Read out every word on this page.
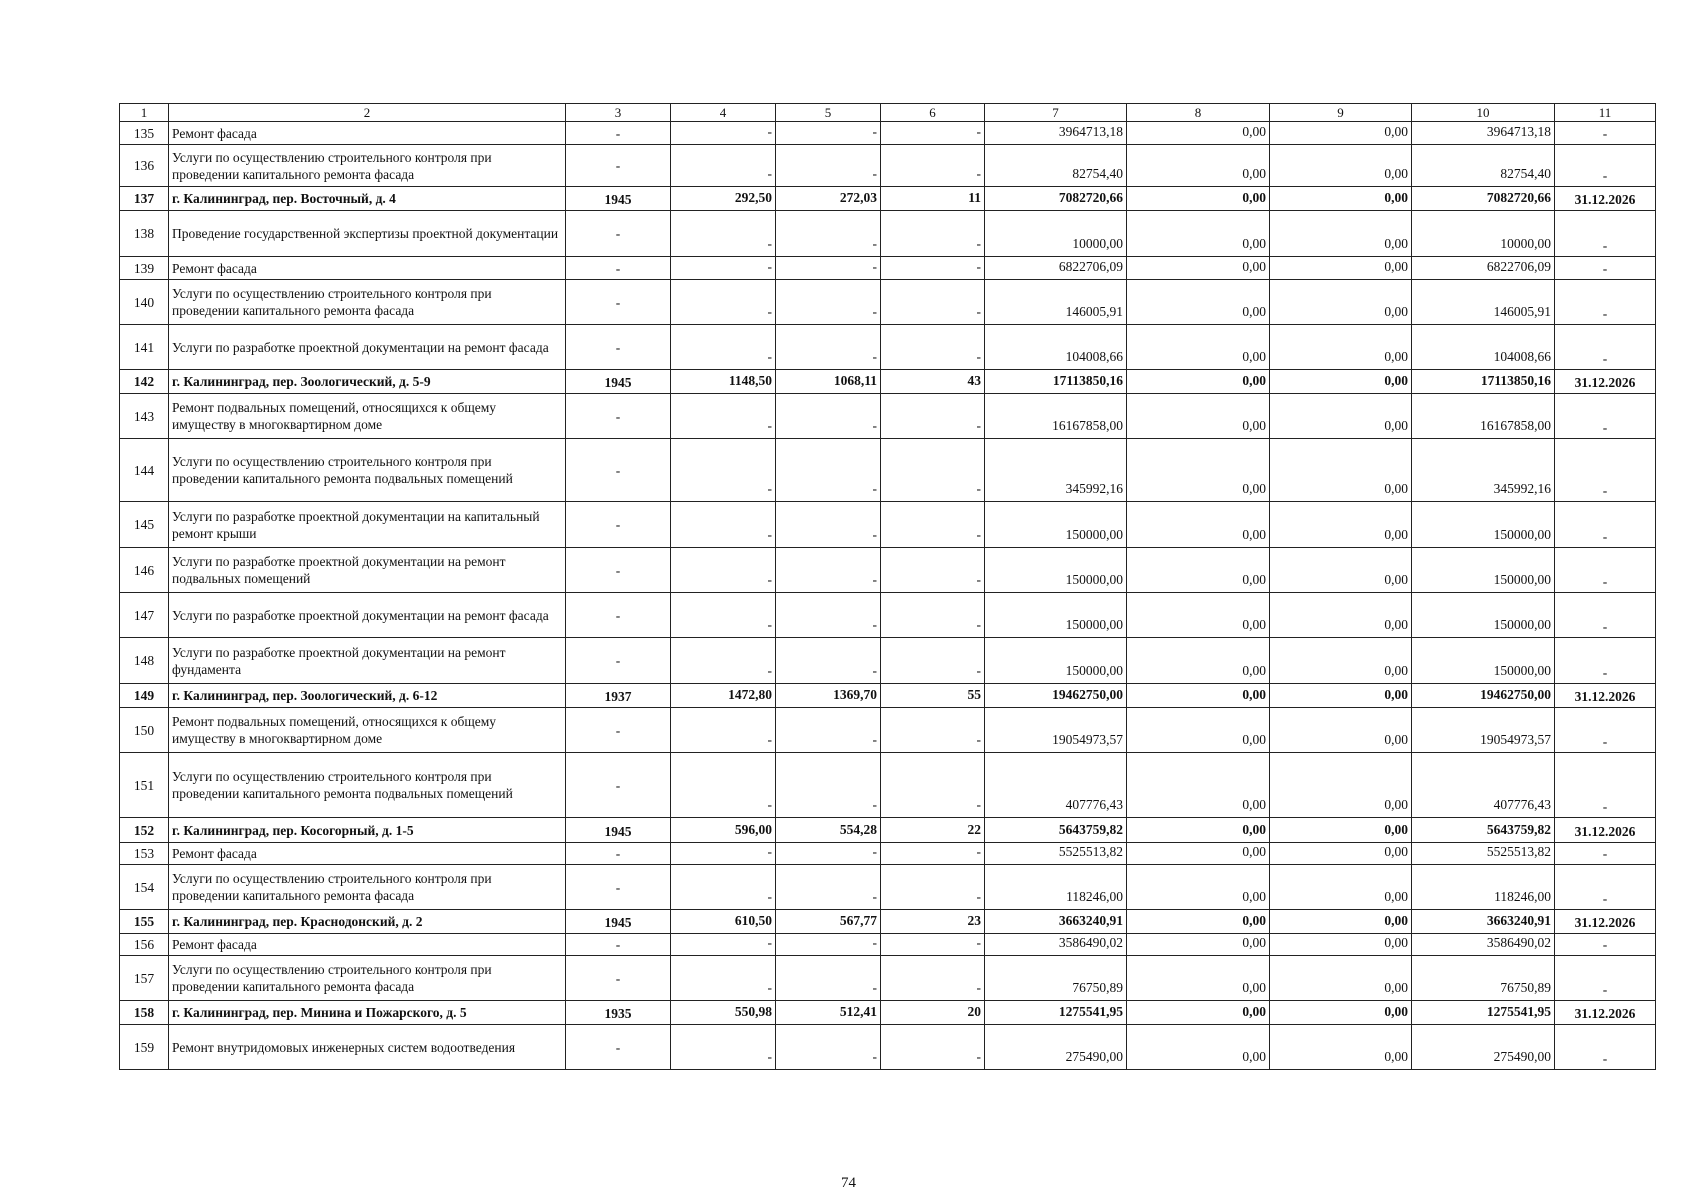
1	2	3	4	5	6	7	8	9	10	11
135	Ремонт фасада	-	-	-	-	3964713,18	0,00	0,00	3964713,18	-
136	Услуги по осуществлению строительного контроля при проведении капитального ремонта фасада	-	-	-	-	82754,40	0,00	0,00	82754,40	-
137	г. Калининград, пер. Восточный, д. 4	1945	292,50	272,03	11	7082720,66	0,00	0,00	7082720,66	31.12.2026
138	Проведение государственной экспертизы проектной документации	-	-	-	-	10000,00	0,00	0,00	10000,00	-
139	Ремонт фасада	-	-	-	-	6822706,09	0,00	0,00	6822706,09	-
140	Услуги по осуществлению строительного контроля при проведении капитального ремонта фасада	-	-	-	-	146005,91	0,00	0,00	146005,91	-
141	Услуги по разработке проектной документации на ремонт фасада	-	-	-	-	104008,66	0,00	0,00	104008,66	-
142	г. Калининград, пер. Зоологический, д. 5-9	1945	1148,50	1068,11	43	17113850,16	0,00	0,00	17113850,16	31.12.2026
143	Ремонт подвальных помещений, относящихся к общему имуществу в многоквартирном доме	-	-	-	-	16167858,00	0,00	0,00	16167858,00	-
144	Услуги по осуществлению строительного контроля при проведении капитального ремонта подвальных помещений	-	-	-	-	345992,16	0,00	0,00	345992,16	-
145	Услуги по разработке проектной документации на капитальный ремонт крыши	-	-	-	-	150000,00	0,00	0,00	150000,00	-
146	Услуги по разработке проектной документации на ремонт подвальных помещений	-	-	-	-	150000,00	0,00	0,00	150000,00	-
147	Услуги по разработке проектной документации на ремонт фасада	-	-	-	-	150000,00	0,00	0,00	150000,00	-
148	Услуги по разработке проектной документации на ремонт фундамента	-	-	-	-	150000,00	0,00	0,00	150000,00	-
149	г. Калининград, пер. Зоологический, д. 6-12	1937	1472,80	1369,70	55	19462750,00	0,00	0,00	19462750,00	31.12.2026
150	Ремонт подвальных помещений, относящихся к общему имуществу в многоквартирном доме	-	-	-	-	19054973,57	0,00	0,00	19054973,57	-
151	Услуги по осуществлению строительного контроля при проведении капитального ремонта подвальных помещений	-	-	-	-	407776,43	0,00	0,00	407776,43	-
152	г. Калининград, пер. Косогорный, д. 1-5	1945	596,00	554,28	22	5643759,82	0,00	0,00	5643759,82	31.12.2026
153	Ремонт фасада	-	-	-	-	5525513,82	0,00	0,00	5525513,82	-
154	Услуги по осуществлению строительного контроля при проведении капитального ремонта фасада	-	-	-	-	118246,00	0,00	0,00	118246,00	-
155	г. Калининград, пер. Краснодонский, д. 2	1945	610,50	567,77	23	3663240,91	0,00	0,00	3663240,91	31.12.2026
156	Ремонт фасада	-	-	-	-	3586490,02	0,00	0,00	3586490,02	-
157	Услуги по осуществлению строительного контроля при проведении капитального ремонта фасада	-	-	-	-	76750,89	0,00	0,00	76750,89	-
158	г. Калининград, пер. Минина и Пожарского, д. 5	1935	550,98	512,41	20	1275541,95	0,00	0,00	1275541,95	31.12.2026
159	Ремонт внутридомовых инженерных систем водоотведения	-	-	-	-	275490,00	0,00	0,00	275490,00	-
74
